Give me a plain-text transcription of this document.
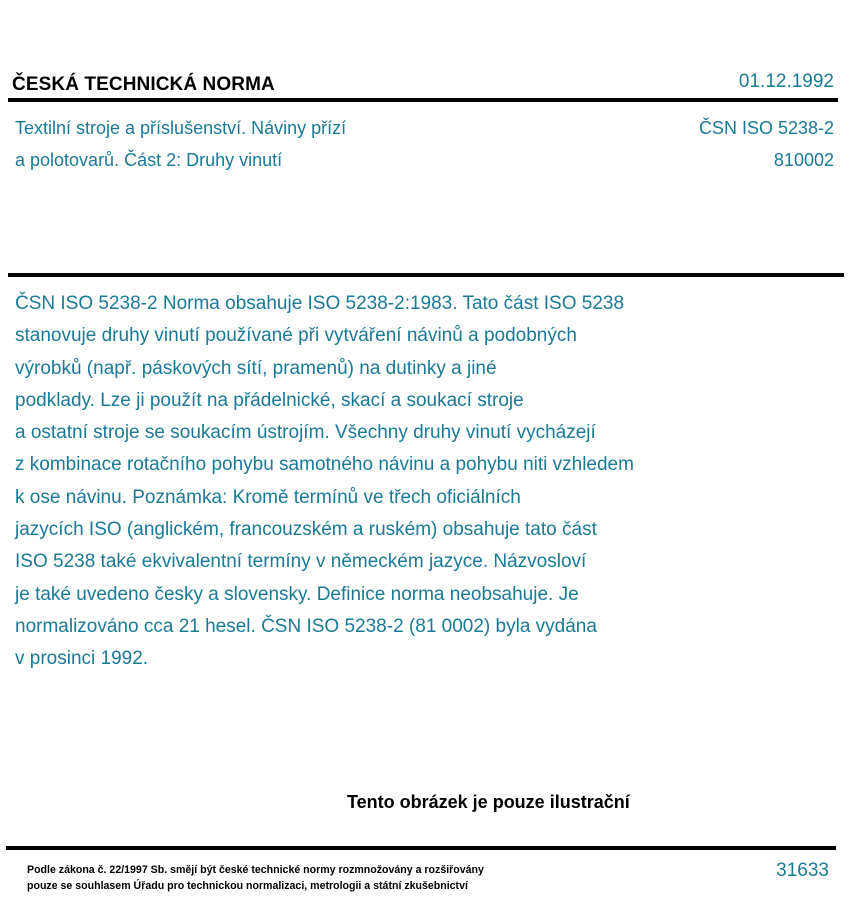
ČESKÁ TECHNICKÁ NORMA	01.12.1992
Textilní stroje a příslušenství. Náviny přízí
a polotovarů. Část 2: Druhy vinutí
ČSN ISO 5238-2
810002
ČSN ISO 5238-2 Norma obsahuje ISO 5238-2:1983. Tato část ISO 5238
stanovuje druhy vinutí používané při vytváření návinů a podobných
výrobků (např. páskových sítí, pramenů) na dutinky a jiné
podklady. Lze ji použít na přádelnické, skací a soukací stroje
a ostatní stroje se soukacím ústrojím. Všechny druhy vinutí vycházejí
z kombinace rotačního pohybu samotného návinu a pohybu niti vzhledem
k ose návinu. Poznámka: Kromě termínů ve třech oficiálních
jazycích ISO (anglickém, francouzském a ruském) obsahuje tato část
ISO 5238 také ekvivalentní termíny v německém jazyce. Názvosloví
je také uvedeno česky a slovensky. Definice norma neobsahuje. Je
normalizováno cca 21 hesel. ČSN ISO 5238-2 (81 0002) byla vydána
v prosinci 1992.
Tento obrázek je pouze ilustrační
Podle zákona č. 22/1997 Sb. smějí být české technické normy rozmnožovány a rozšiřovány
pouze se souhlasem Úřadu pro technickou normalizaci, metrologii a státní zkušebnictví
31633
